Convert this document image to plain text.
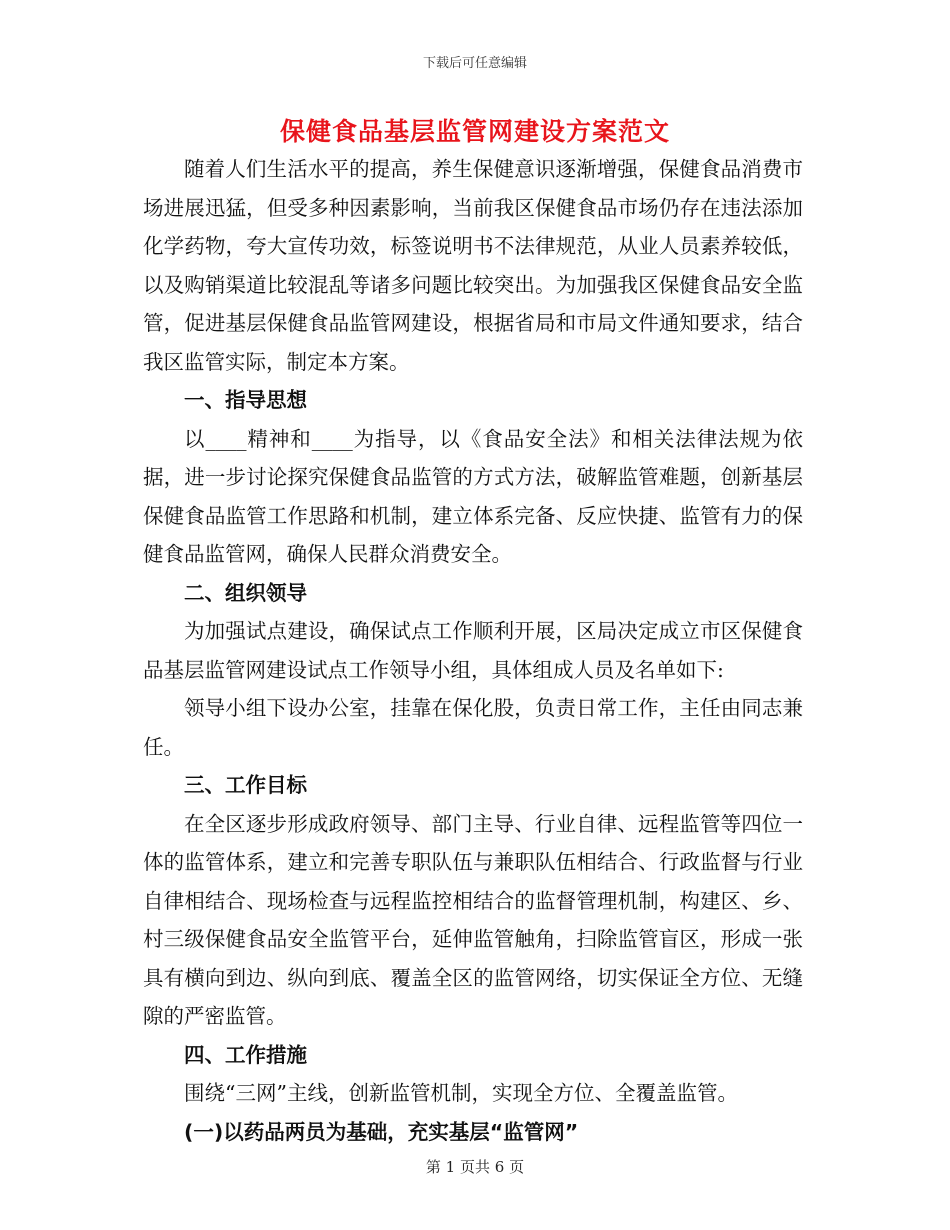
下载后可任意编辑
保健食品基层监管网建设方案范文

随着人们生活水平的提高，养生保健意识逐渐增强，保健食品消费市场进展迅猛，但受多种因素影响，当前我区保健食品市场仍存在违法添加化学药物，夸大宣传功效，标签说明书不法律规范，从业人员素养较低，以及购销渠道比较混乱等诸多问题比较突出。为加强我区保健食品安全监管，促进基层保健食品监管网建设，根据省局和市局文件通知要求，结合我区监管实际，制定本方案。

一、指导思想

以____精神和____为指导，以《食品安全法》和相关法律法规为依据，进一步讨论探究保健食品监管的方式方法，破解监管难题，创新基层保健食品监管工作思路和机制，建立体系完备、反应快捷、监管有力的保健食品监管网，确保人民群众消费安全。

二、组织领导

为加强试点建设，确保试点工作顺利开展，区局决定成立市区保健食品基层监管网建设试点工作领导小组，具体组成人员及名单如下:

领导小组下设办公室，挂靠在保化股，负责日常工作，主任由同志兼任。

三、工作目标

在全区逐步形成政府领导、部门主导、行业自律、远程监管等四位一体的监管体系，建立和完善专职队伍与兼职队伍相结合、行政监督与行业自律相结合、现场检查与远程监控相结合的监督管理机制，构建区、乡、村三级保健食品安全监管平台，延伸监管触角，扫除监管盲区，形成一张具有横向到边、纵向到底、覆盖全区的监管网络，切实保证全方位、无缝隙的严密监管。

四、工作措施

围绕“三网”主线，创新监管机制，实现全方位、全覆盖监管。

(一)以药品两员为基础，充实基层“监管网”

第 1 页共 6 页
